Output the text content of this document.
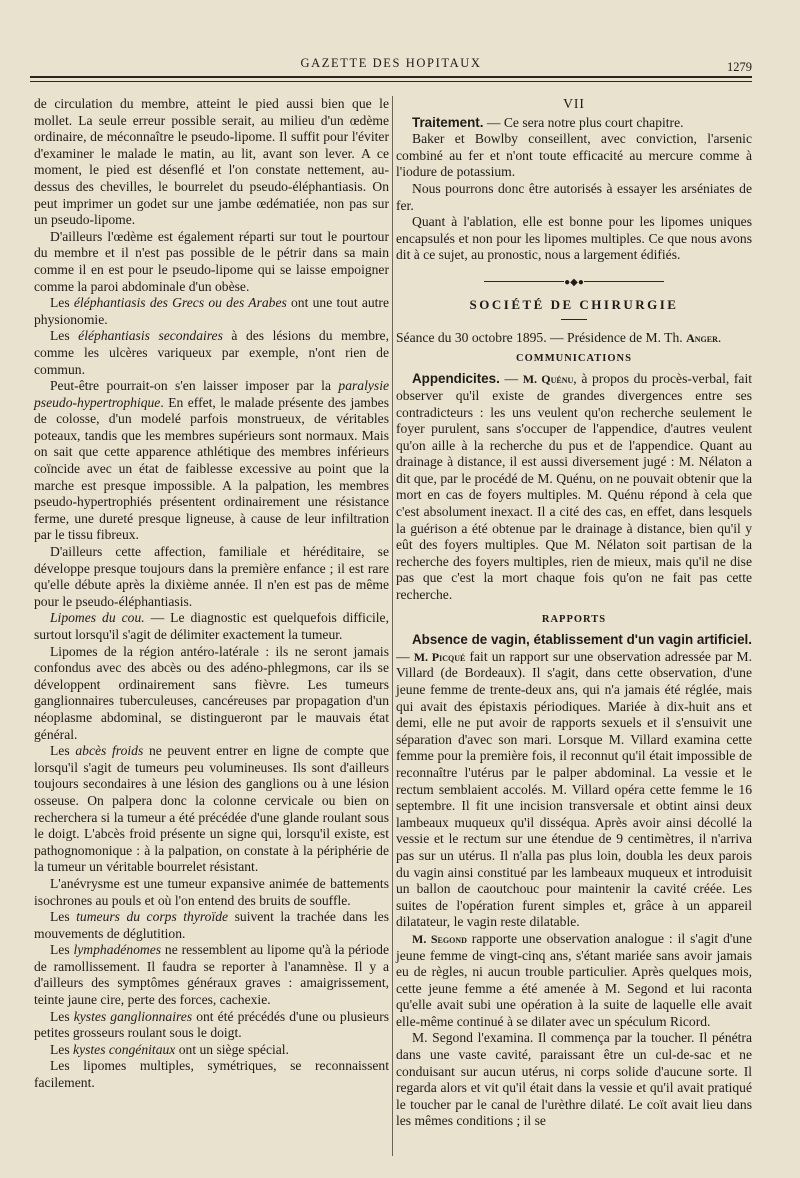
GAZETTE DES HOPITAUX	1279

de circulation du membre, atteint le pied aussi bien que le mollet. La seule erreur possible serait, au milieu d'un œdème ordinaire, de méconnaître le pseudo-lipome. Il suffit pour l'éviter d'examiner le malade le matin, au lit, avant son lever. A ce moment, le pied est désenflé et l'on constate nettement, au-dessus des chevilles, le bourrelet du pseudo-éléphantiasis. On peut imprimer un godet sur une jambe œdématiée, non pas sur un pseudo-lipome.

D'ailleurs l'œdème est également réparti sur tout le pourtour du membre et il n'est pas possible de le pétrir dans sa main comme il en est pour le pseudo-lipome qui se laisse empoigner comme la paroi abdominale d'un obèse.

Les éléphantiasis des Grecs ou des Arabes ont une tout autre physionomie.

Les éléphantiasis secondaires à des lésions du membre, comme les ulcères variqueux par exemple, n'ont rien de commun.

Peut-être pourrait-on s'en laisser imposer par la paralysie pseudo-hypertrophique. En effet, le malade présente des jambes de colosse, d'un modelé parfois monstrueux, de véritables poteaux, tandis que les membres supérieurs sont normaux. Mais on sait que cette apparence athlétique des membres inférieurs coïncide avec un état de faiblesse excessive au point que la marche est presque impossible. A la palpation, les membres pseudo-hypertrophiés présentent ordinairement une résistance ferme, une dureté presque ligneuse, à cause de leur infiltration par le tissu fibreux.

D'ailleurs cette affection, familiale et héréditaire, se développe presque toujours dans la première enfance ; il est rare qu'elle débute après la dixième année. Il n'en est pas de même pour le pseudo-éléphantiasis.

Lipomes du cou. — Le diagnostic est quelquefois difficile, surtout lorsqu'il s'agit de délimiter exactement la tumeur.

Lipomes de la région antéro-latérale : ils ne seront jamais confondus avec des abcès ou des adéno-phlegmons, car ils se développent ordinairement sans fièvre. Les tumeurs ganglionnaires tuberculeuses, cancéreuses par propagation d'un néoplasme abdominal, se distingueront par le mauvais état général.

Les abcès froids ne peuvent entrer en ligne de compte que lorsqu'il s'agit de tumeurs peu volumineuses. Ils sont d'ailleurs toujours secondaires à une lésion des ganglions ou à une lésion osseuse. On palpera donc la colonne cervicale ou bien on recherchera si la tumeur a été précédée d'une glande roulant sous le doigt. L'abcès froid présente un signe qui, lorsqu'il existe, est pathognomonique : à la palpation, on constate à la périphérie de la tumeur un véritable bourrelet résistant.

L'anévrysme est une tumeur expansive animée de battements isochrones au pouls et où l'on entend des bruits de souffle.

Les tumeurs du corps thyroïde suivent la trachée dans les mouvements de déglutition.

Les lymphadénomes ne ressemblent au lipome qu'à la période de ramollissement. Il faudra se reporter à l'anamnèse. Il y a d'ailleurs des symptômes généraux graves : amaigrissement, teinte jaune cire, perte des forces, cachexie.

Les kystes ganglionnaires ont été précédés d'une ou plusieurs petites grosseurs roulant sous le doigt.

Les kystes congénitaux ont un siège spécial.

Les lipomes multiples, symétriques, se reconnaissent facilement.

VII

Traitement. — Ce sera notre plus court chapitre.

Baker et Bowlby conseillent, avec conviction, l'arsenic combiné au fer et n'ont toute efficacité au mercure comme à l'iodure de potassium.

Nous pourrons donc être autorisés à essayer les arséniates de fer.

Quant à l'ablation, elle est bonne pour les lipomes uniques encapsulés et non pour les lipomes multiples. Ce que nous avons dit à ce sujet, au pronostic, nous a largement édifiés.

●◆●
SOCIÉTÉ DE CHIRURGIE

Séance du 30 octobre 1895. — Présidence de M. Th. Anger.

COMMUNICATIONS

Appendicites. — M. Quénu, à propos du procès-verbal, fait observer qu'il existe de grandes divergences entre ses contradicteurs : les uns veulent qu'on recherche seulement le foyer purulent, sans s'occuper de l'appendice, d'autres veulent qu'on aille à la recherche du pus et de l'appendice. Quant au drainage à distance, il est aussi diversement jugé : M. Nélaton a dit que, par le procédé de M. Quénu, on ne pouvait obtenir que la mort en cas de foyers multiples. M. Quénu répond à cela que c'est absolument inexact. Il a cité des cas, en effet, dans lesquels la guérison a été obtenue par le drainage à distance, bien qu'il y eût des foyers multiples. Que M. Nélaton soit partisan de la recherche des foyers multiples, rien de mieux, mais qu'il ne dise pas que c'est la mort chaque fois qu'on ne fait pas cette recherche.

RAPPORTS

Absence de vagin, établissement d'un vagin artificiel. — M. Picqué fait un rapport sur une observation adressée par M. Villard (de Bordeaux). Il s'agit, dans cette observation, d'une jeune femme de trente-deux ans, qui n'a jamais été réglée, mais qui avait des épistaxis périodiques. Mariée à dix-huit ans et demi, elle ne put avoir de rapports sexuels et il s'ensuivit une séparation d'avec son mari. Lorsque M. Villard examina cette femme pour la première fois, il reconnut qu'il était impossible de reconnaître l'utérus par le palper abdominal. La vessie et le rectum semblaient accolés. M. Villard opéra cette femme le 16 septembre. Il fit une incision transversale et obtint ainsi deux lambeaux muqueux qu'il disséqua. Après avoir ainsi décollé la vessie et le rectum sur une étendue de 9 centimètres, il n'arriva pas sur un utérus. Il n'alla pas plus loin, doubla les deux parois du vagin ainsi constitué par les lambeaux muqueux et introduisit un ballon de caoutchouc pour maintenir la cavité créée. Les suites de l'opération furent simples et, grâce à un appareil dilatateur, le vagin reste dilatable.

M. Segond rapporte une observation analogue : il s'agit d'une jeune femme de vingt-cinq ans, s'étant mariée sans avoir jamais eu de règles, ni aucun trouble particulier. Après quelques mois, cette jeune femme a été amenée à M. Segond et lui raconta qu'elle avait subi une opération à la suite de laquelle elle avait elle-même continué à se dilater avec un spéculum Ricord.

M. Segond l'examina. Il commença par la toucher. Il pénétra dans une vaste cavité, paraissant être un cul-de-sac et ne conduisant sur aucun utérus, ni corps solide d'aucune sorte. Il regarda alors et vit qu'il était dans la vessie et qu'il avait pratiqué le toucher par le canal de l'urèthre dilaté. Le coït avait lieu dans les mêmes conditions ; il se
